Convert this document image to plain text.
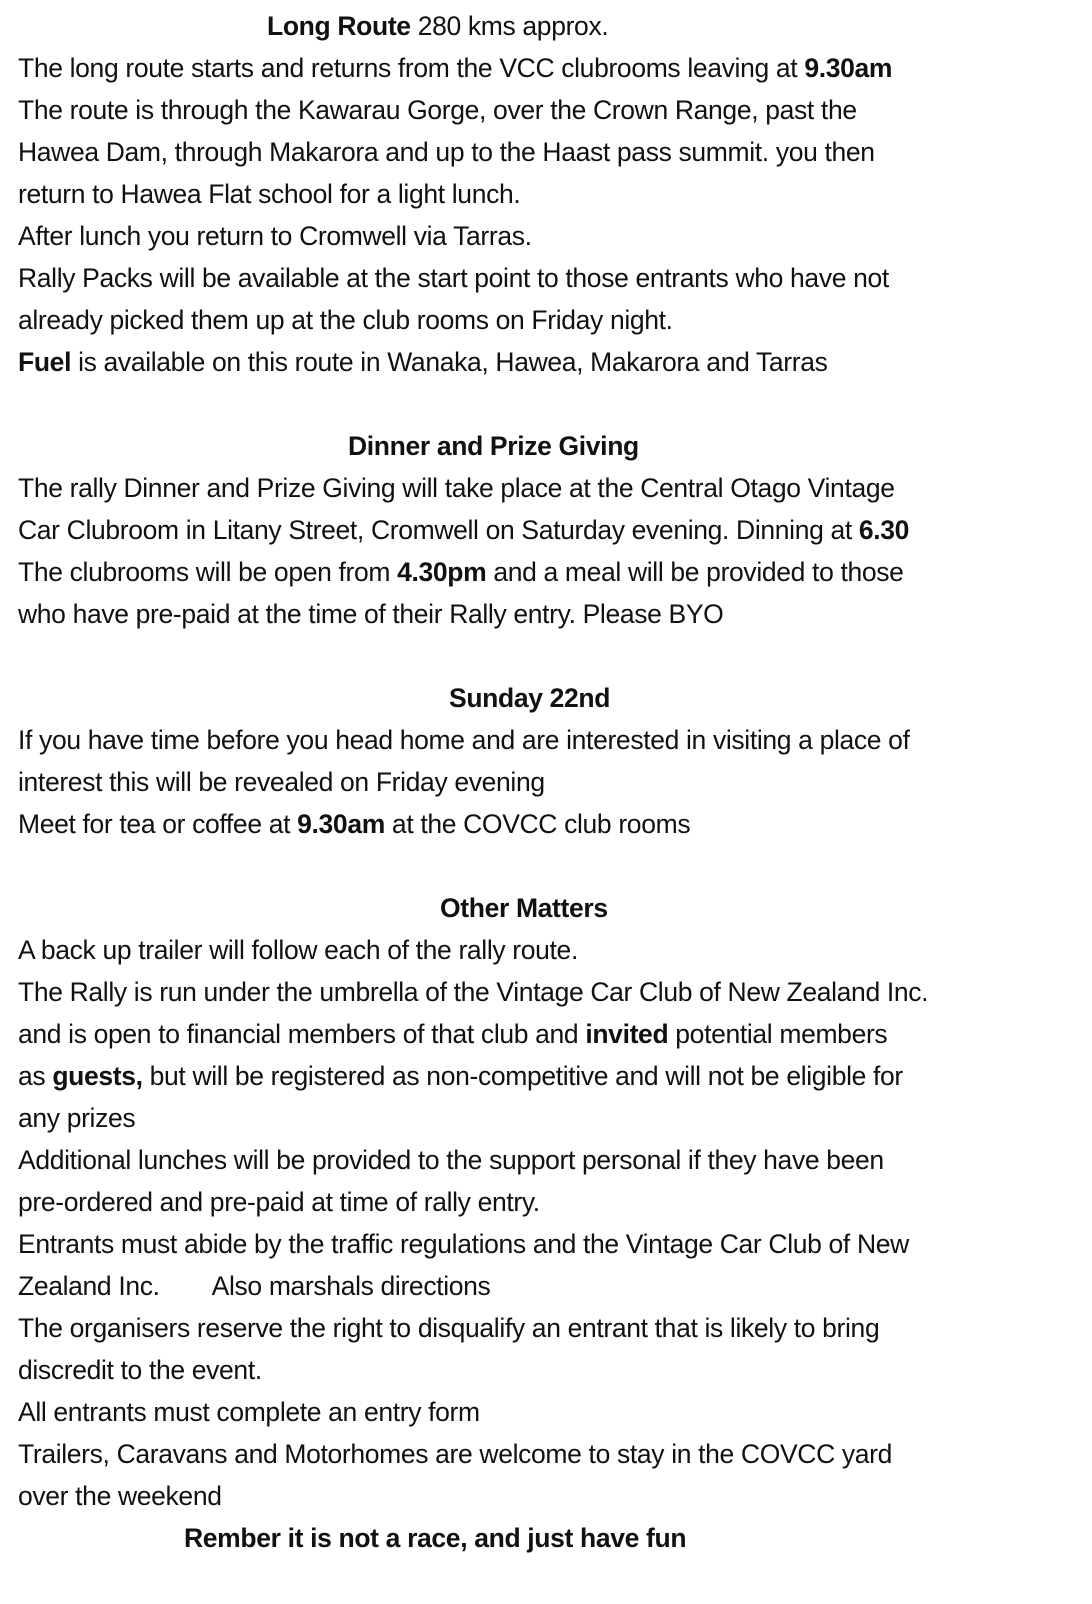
Long Route 280 kms approx.
The long route starts and returns from the VCC clubrooms leaving at 9.30am
The route is through the Kawarau Gorge, over the Crown Range, past the
Hawea Dam, through Makarora and up to the Haast pass summit. you then
return to Hawea Flat school for a light lunch.
After lunch you return to Cromwell via Tarras.
Rally Packs will be available at the start point to those entrants who have not
already picked them up at the club rooms on Friday night.
Fuel is available on this route in Wanaka, Hawea, Makarora and Tarras
Dinner and Prize Giving
The rally Dinner and Prize Giving will take place at the Central Otago Vintage
Car Clubroom in Litany Street, Cromwell on Saturday evening. Dinning at 6.30
The clubrooms will be open from 4.30pm and a meal will be provided to those
who have pre-paid at the time of their Rally entry. Please BYO
Sunday 22nd
If you have time before you head home and are interested in visiting a place of
interest this will be revealed on Friday evening
Meet for tea or coffee at 9.30am at the COVCC club rooms
Other Matters
A back up trailer will follow each of the rally route.
The Rally is run under the umbrella of the Vintage Car Club of New Zealand Inc.
and is open to financial members of that club and invited potential members
as guests, but will be registered as non-competitive and will not be eligible for
any prizes
Additional lunches will be provided to the support personal if they have been
pre-ordered and pre-paid at time of rally entry.
Entrants must abide by the traffic regulations and the Vintage Car Club of New
Zealand Inc. Also marshals directions
The organisers reserve the right to disqualify an entrant that is likely to bring
discredit to the event.
All entrants must complete an entry form
Trailers, Caravans and Motorhomes are welcome to stay in the COVCC yard
over the weekend
Rember it is not a race, and just have fun
